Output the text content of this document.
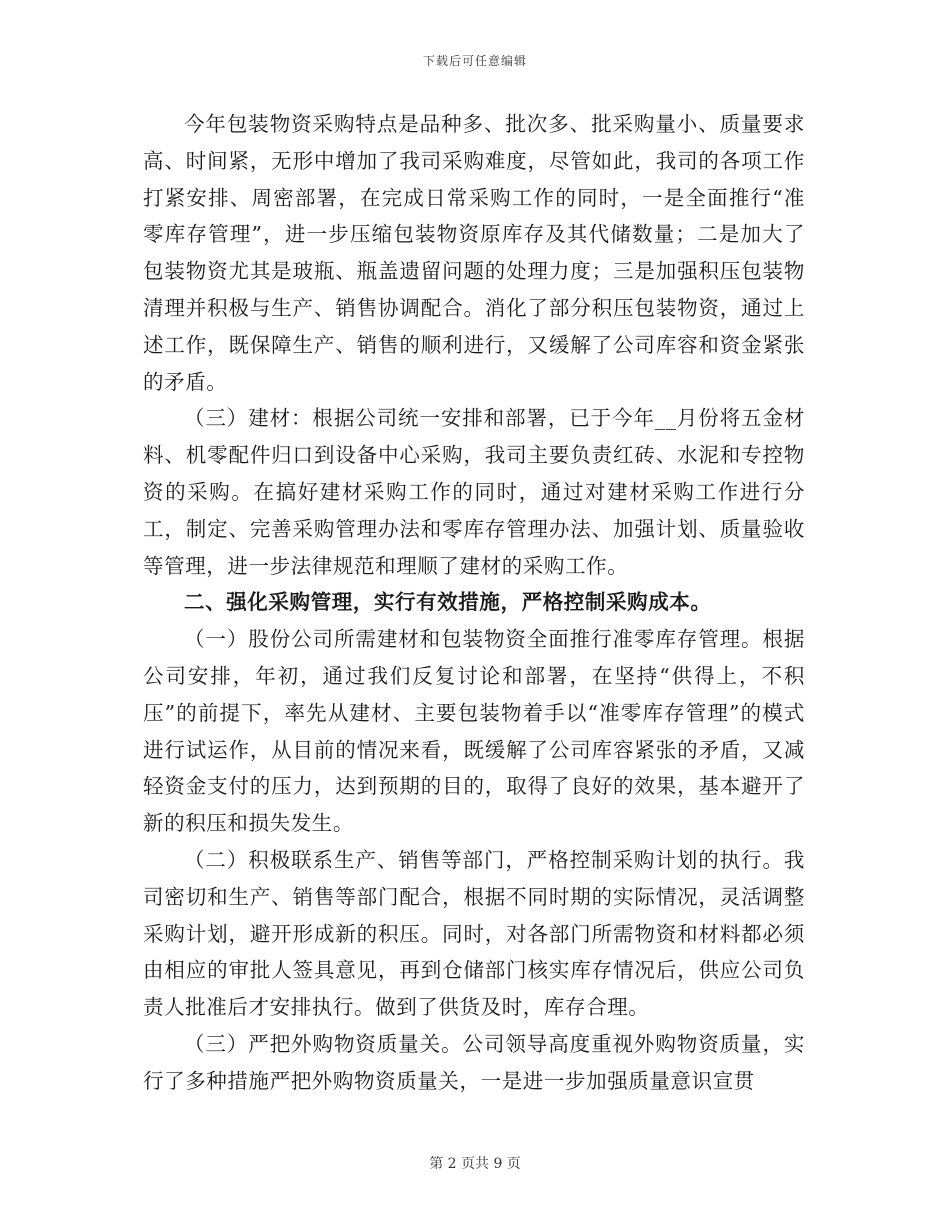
下载后可任意编辑

今年包装物资采购特点是品种多、批次多、批采购量小、质量要求高、时间紧，无形中增加了我司采购难度，尽管如此，我司的各项工作打紧安排、周密部署，在完成日常采购工作的同时，一是全面推行“准零库存管理”，进一步压缩包装物资原库存及其代储数量；二是加大了包装物资尤其是玻瓶、瓶盖遗留问题的处理力度；三是加强积压包装物清理并积极与生产、销售协调配合。消化了部分积压包装物资，通过上述工作，既保障生产、销售的顺利进行，又缓解了公司库容和资金紧张的矛盾。

（三）建材：根据公司统一安排和部署，已于今年__月份将五金材料、机零配件归口到设备中心采购，我司主要负责红砖、水泥和专控物资的采购。在搞好建材采购工作的同时，通过对建材采购工作进行分工，制定、完善采购管理办法和零库存管理办法、加强计划、质量验收等管理，进一步法律规范和理顺了建材的采购工作。

二、强化采购管理，实行有效措施，严格控制采购成本。

（一）股份公司所需建材和包装物资全面推行准零库存管理。根据公司安排，年初，通过我们反复讨论和部署，在坚持“供得上，不积压”的前提下，率先从建材、主要包装物着手以“准零库存管理”的模式进行试运作，从目前的情况来看，既缓解了公司库容紧张的矛盾，又减轻资金支付的压力，达到预期的目的，取得了良好的效果，基本避开了新的积压和损失发生。

（二）积极联系生产、销售等部门，严格控制采购计划的执行。我司密切和生产、销售等部门配合，根据不同时期的实际情况，灵活调整采购计划，避开形成新的积压。同时，对各部门所需物资和材料都必须由相应的审批人签具意见，再到仓储部门核实库存情况后，供应公司负责人批准后才安排执行。做到了供货及时，库存合理。

（三）严把外购物资质量关。公司领导高度重视外购物资质量，实行了多种措施严把外购物资质量关，一是进一步加强质量意识宣贯

第 2 页共 9 页
